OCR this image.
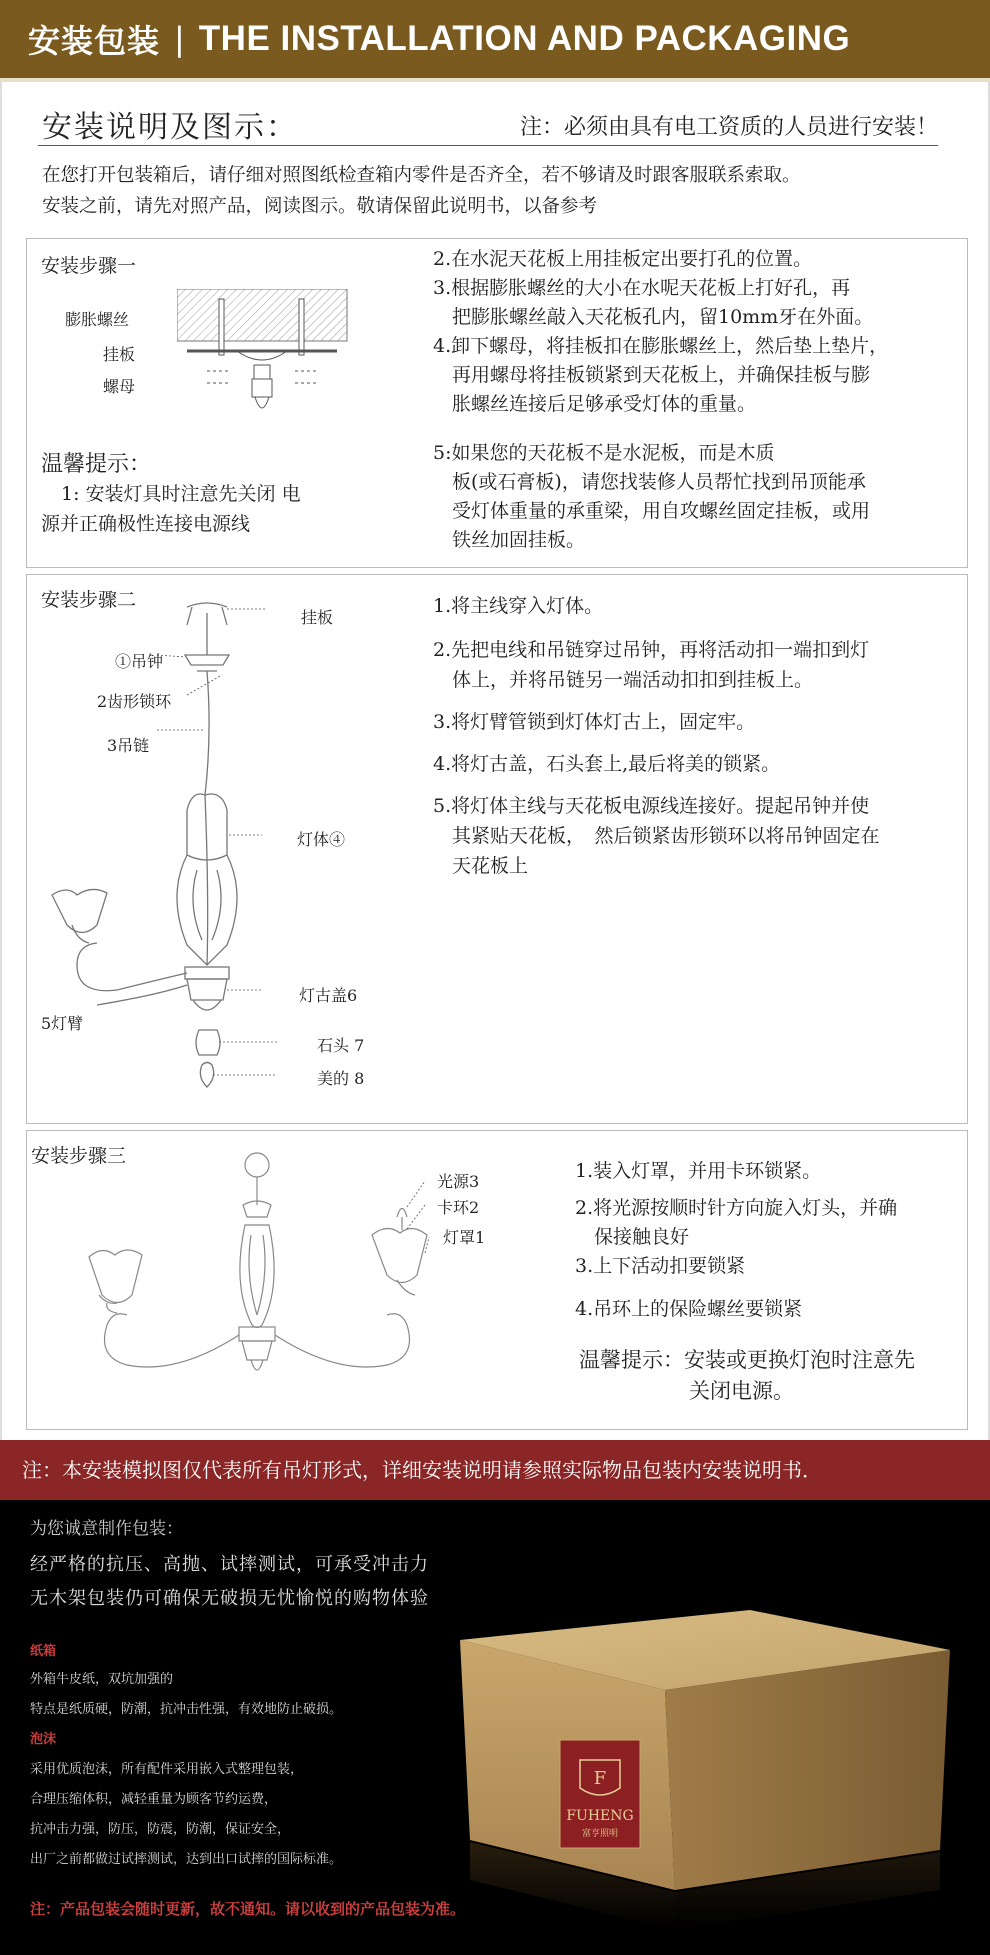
安装包装 | THE INSTALLATION AND PACKAGING
安装说明及图示：	注：必须由具有电工资质的人员进行安装！

在您打开包装箱后，请仔细对照图纸检查箱内零件是否齐全，若不够请及时跟客服联系索取。

安装之前，请先对照产品，阅读图示。敬请保留此说明书，以备参考

安装步骤一
膨胀螺丝
挂板
螺母
温馨提示：

1: 安装灯具时注意先关闭 电

源并正确极性连接电源线

2.在水泥天花板上用挂板定出要打孔的位置。

3.根据膨胀螺丝的大小在水呢天花板上打好孔，再

　把膨胀螺丝敲入天花板孔内，留10mm牙在外面。

4.卸下螺母，将挂板扣在膨胀螺丝上，然后垫上垫片，

　再用螺母将挂板锁紧到天花板上，并确保挂板与膨

　胀螺丝连接后足够承受灯体的重量。

5:如果您的天花板不是水泥板，而是木质

　板(或石膏板)，请您找装修人员帮忙找到吊顶能承

　受灯体重量的承重梁，用自攻螺丝固定挂板，或用

　铁丝加固挂板。

安装步骤二
挂板
①吊钟
2齿形锁环
3吊链
灯体④
灯古盖6
5灯臂
石头 7
美的 8

1.将主线穿入灯体。

2.先把电线和吊链穿过吊钟，再将活动扣一端扣到灯

　体上，并将吊链另一端活动扣扣到挂板上。

3.将灯臂管锁到灯体灯古上，固定牢。

4.将灯古盖，石头套上,最后将美的锁紧。

5.将灯体主线与天花板电源线连接好。提起吊钟并使

　其紧贴天花板，　然后锁紧齿形锁环以将吊钟固定在

　天花板上

安装步骤三
光源3
卡环2
灯罩1

1.装入灯罩，并用卡环锁紧。

2.将光源按顺时针方向旋入灯头，并确

　保接触良好

3.上下活动扣要锁紧

4.吊环上的保险螺丝要锁紧

温馨提示：安装或更换灯泡时注意先

关闭电源。

注：本安装模拟图仅代表所有吊灯形式，详细安装说明请参照实际物品包装内安装说明书．
为您诚意制作包装：
经严格的抗压、高抛、试摔测试，可承受冲击力
无木架包装仍可确保无破损无忧愉悦的购物体验
纸箱
外箱牛皮纸，双坑加强的
特点是纸质硬，防潮，抗冲击性强，有效地防止破损。
泡沫
采用优质泡沫，所有配件采用嵌入式整理包装，
合理压缩体积，减轻重量为顾客节约运费，
抗冲击力强，防压，防震，防潮，保证安全，
出厂之前都做过试摔测试，达到出口试摔的国际标准。
注：产品包装会随时更新，故不通知。请以收到的产品包装为准。
F
FUHENG
富亨照明
